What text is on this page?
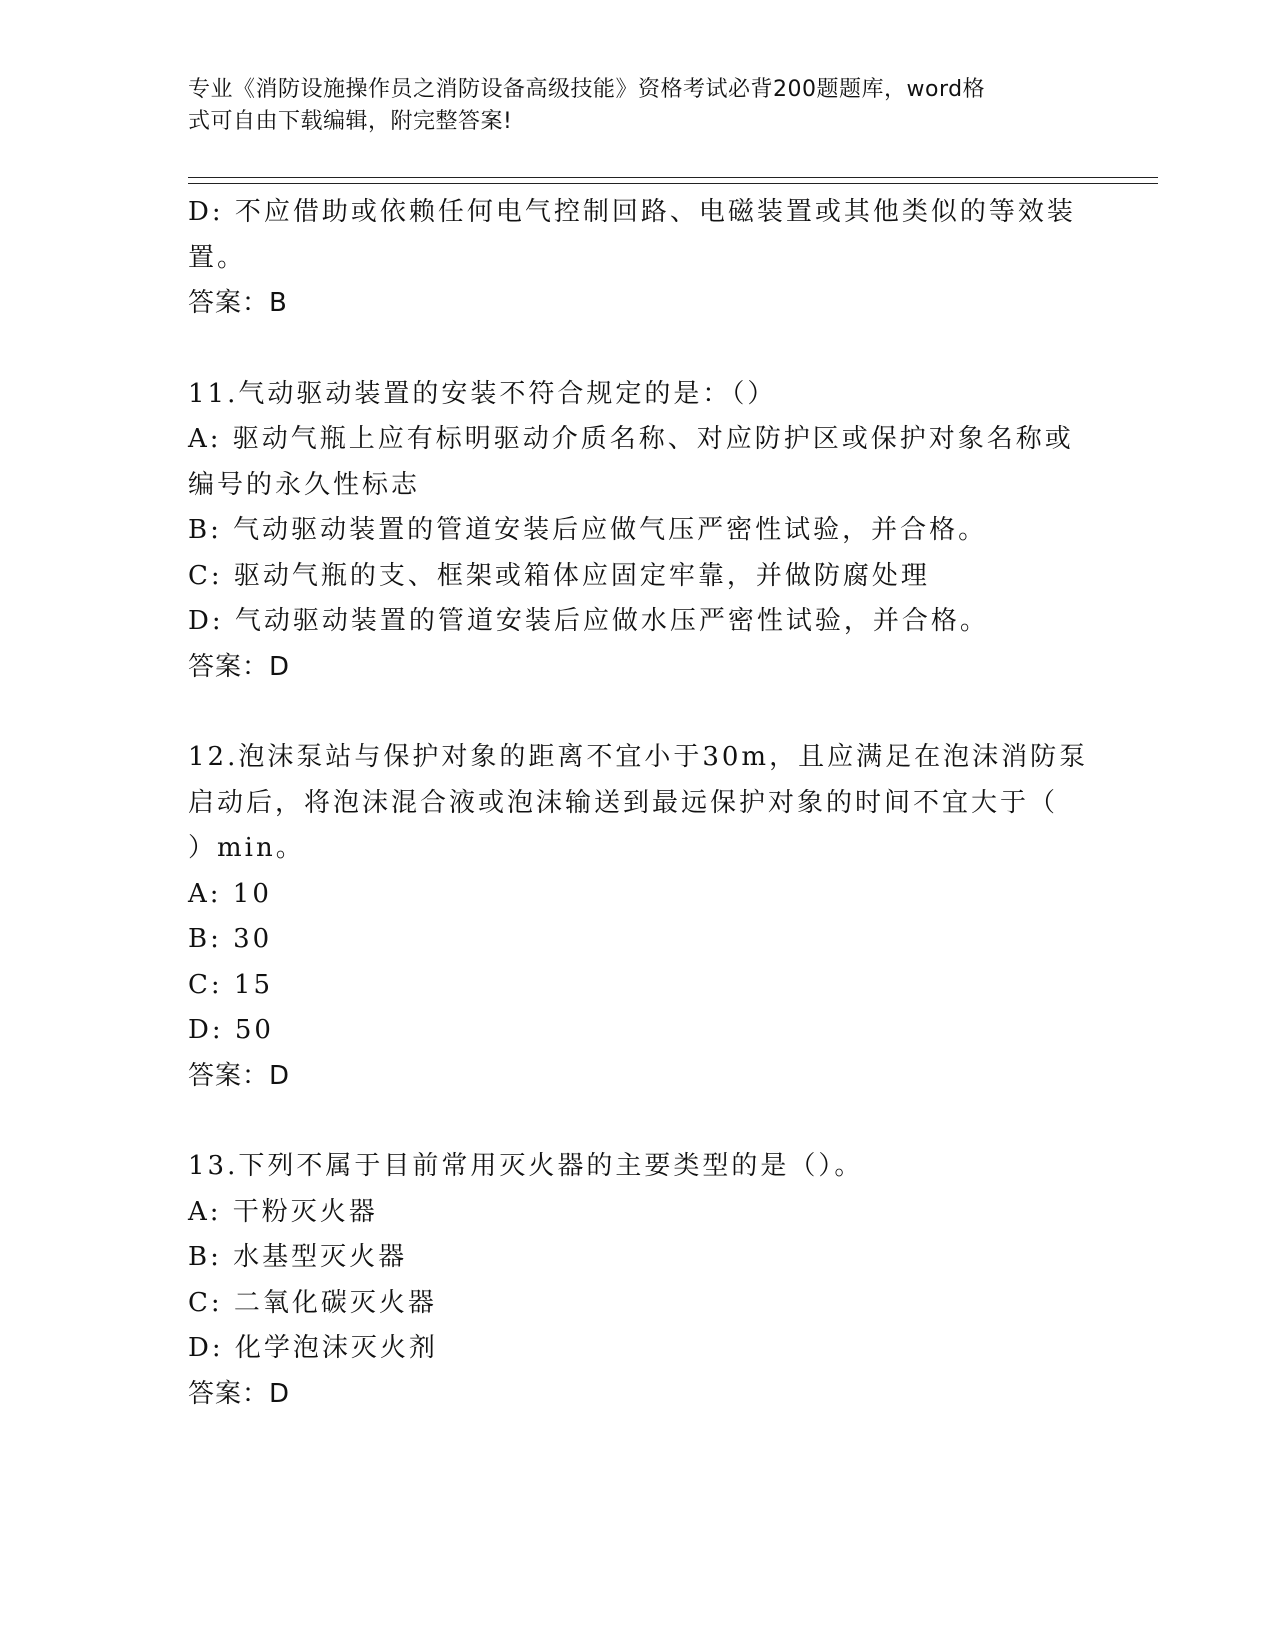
专业《消防设施操作员之消防设备高级技能》资格考试必背200题题库，word格
式可自由下载编辑，附完整答案!
D: 不应借助或依赖任何电气控制回路、电磁装置或其他类似的等效装
置。
答案：B
11.气动驱动装置的安装不符合规定的是：（）
A: 驱动气瓶上应有标明驱动介质名称、对应防护区或保护对象名称或
编号的永久性标志
B: 气动驱动装置的管道安装后应做气压严密性试验，并合格。
C: 驱动气瓶的支、框架或箱体应固定牢靠，并做防腐处理
D: 气动驱动装置的管道安装后应做水压严密性试验，并合格。
答案：D
12.泡沫泵站与保护对象的距离不宜小于30m，且应满足在泡沫消防泵
启动后，将泡沫混合液或泡沫输送到最远保护对象的时间不宜大于（
）min。
A: 10
B: 30
C: 15
D: 50
答案：D
13.下列不属于目前常用灭火器的主要类型的是（）。
A: 干粉灭火器
B: 水基型灭火器
C: 二氧化碳灭火器
D: 化学泡沫灭火剂
答案：D
